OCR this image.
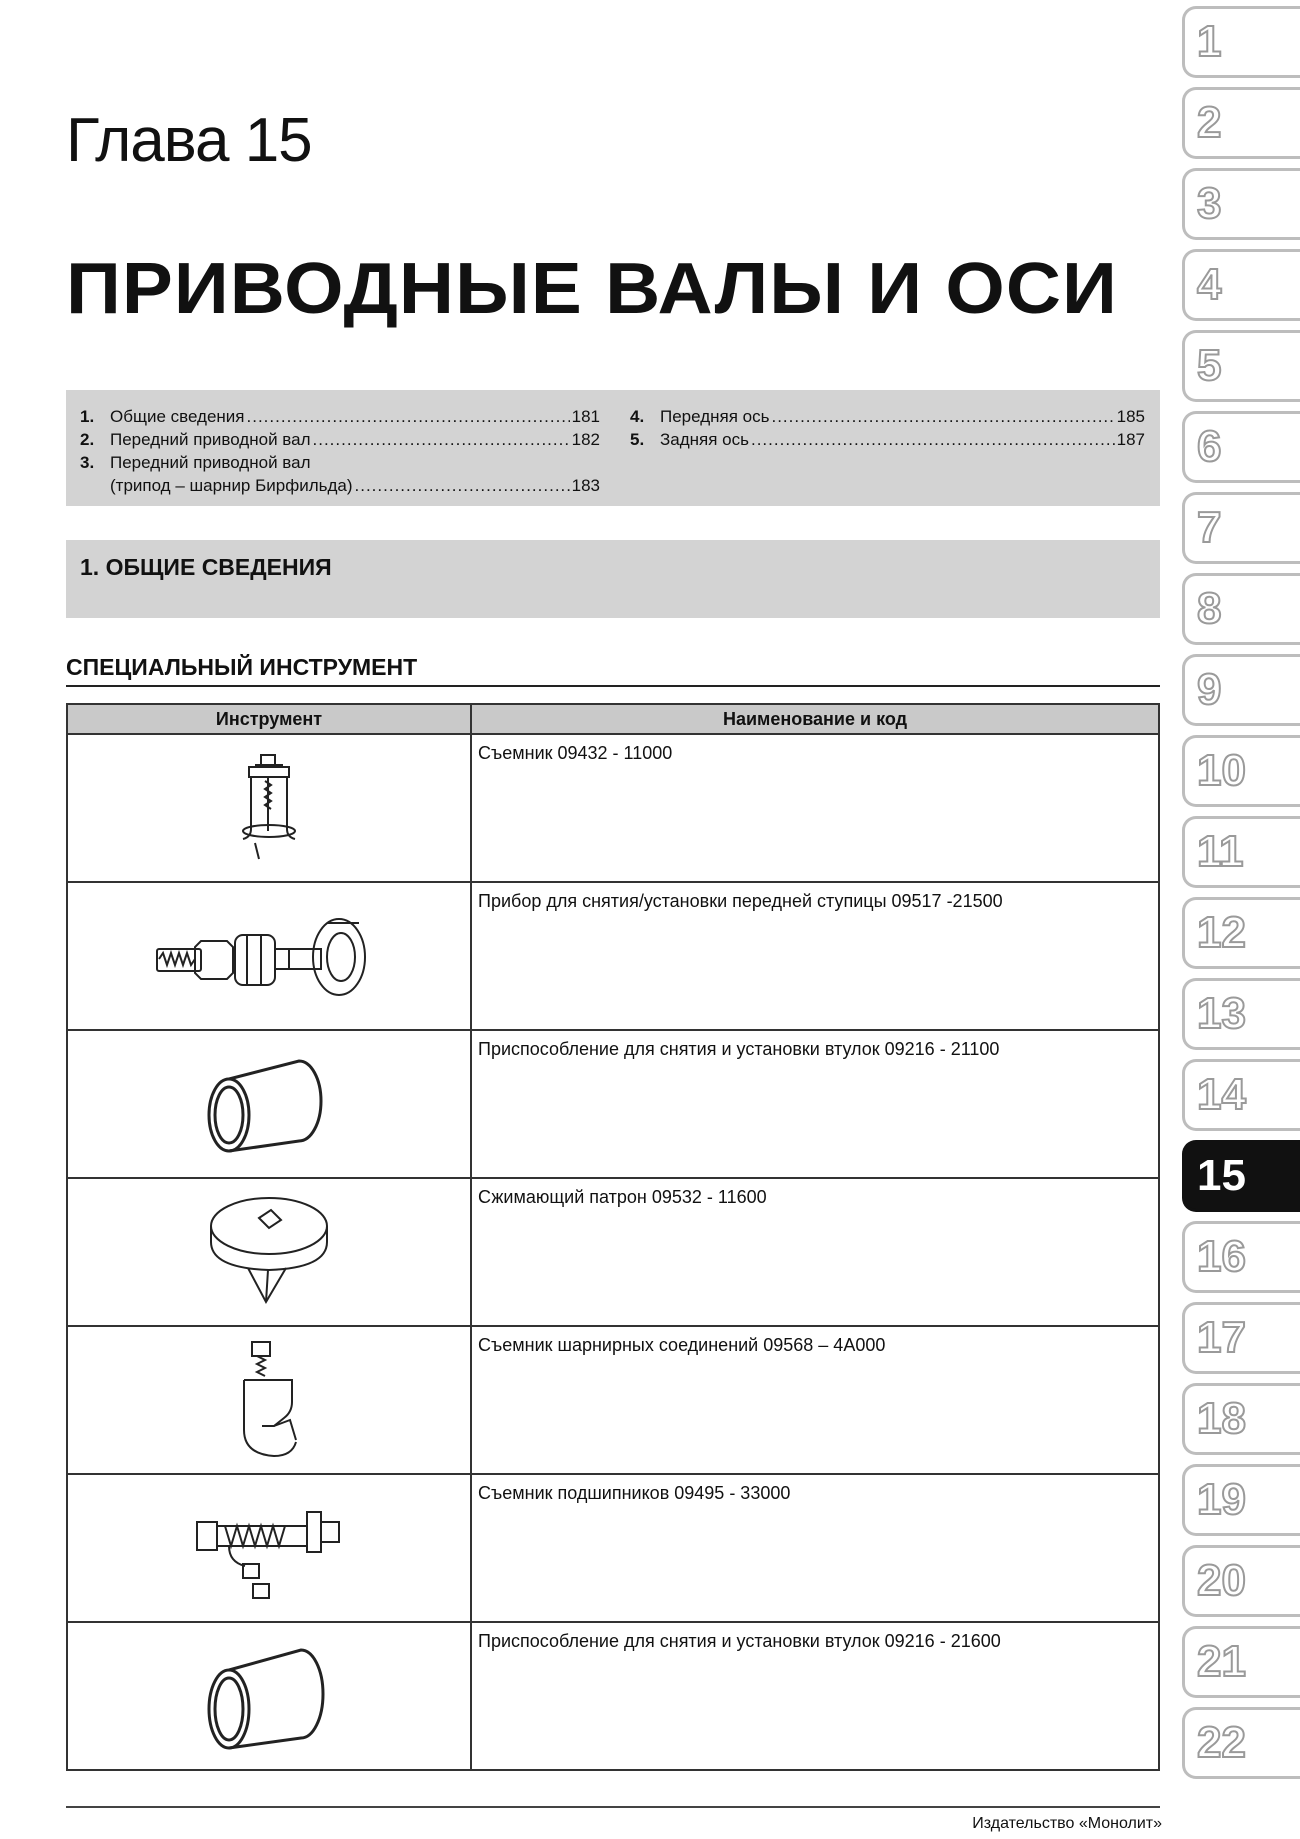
Глава 15
ПРИВОДНЫЕ ВАЛЫ И ОСИ
1. Общие сведения .....	181
2. Передний приводной вал .....	182
3. Передний приводной вал
(трипод – шарнир Бирфильда) .....	183
4. Передняя ось .....	185
5. Задняя ось .....	187
1. ОБЩИЕ СВЕДЕНИЯ
СПЕЦИАЛЬНЫЙ ИНСТРУМЕНТ
Инструмент	Наименование и код

Съемник 09432 - 11000

Прибор для снятия/установки передней ступицы 09517 -21500

Приспособление для снятия и установки втулок 09216 - 21100

Сжимающий патрон 09532 - 11600

Съемник шарнирных соединений 09568 – 4A000

Съемник подшипников 09495 - 33000

Приспособление для снятия и установки втулок 09216 - 21600
Издательство «Монолит»
1
2
3
4
5
6
7
8
9
10
11
12
13
14
15
16
17
18
19
20
21
22
